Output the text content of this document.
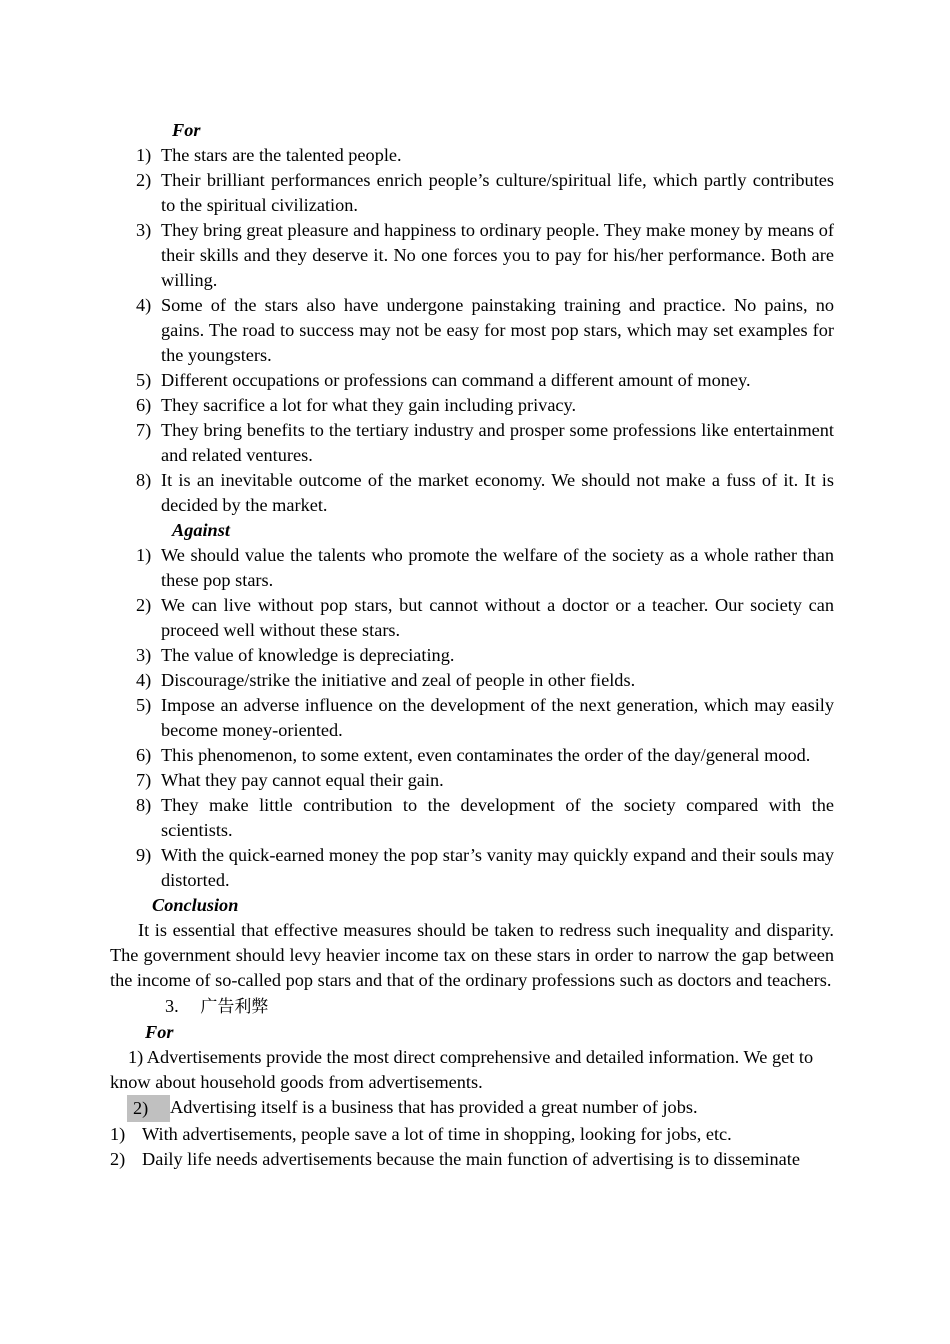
For
1) The stars are the talented people.
2) Their brilliant performances enrich people’s culture/spiritual life, which partly contributes to the spiritual civilization.
3) They bring great pleasure and happiness to ordinary people. They make money by means of their skills and they deserve it. No one forces you to pay for his/her performance. Both are willing.
4) Some of the stars also have undergone painstaking training and practice. No pains, no gains. The road to success may not be easy for most pop stars, which may set examples for the youngsters.
5) Different occupations or professions can command a different amount of money.
6) They sacrifice a lot for what they gain including privacy.
7) They bring benefits to the tertiary industry and prosper some professions like entertainment and related ventures.
8) It is an inevitable outcome of the market economy. We should not make a fuss of it. It is decided by the market.
Against
1) We should value the talents who promote the welfare of the society as a whole rather than these pop stars.
2) We can live without pop stars, but cannot without a doctor or a teacher. Our society can proceed well without these stars.
3) The value of knowledge is depreciating.
4) Discourage/strike the initiative and zeal of people in other fields.
5) Impose an adverse influence on the development of the next generation, which may easily become money-oriented.
6) This phenomenon, to some extent, even contaminates the order of the day/general mood.
7) What they pay cannot equal their gain.
8) They make little contribution to the development of the society compared with the scientists.
9) With the quick-earned money the pop star’s vanity may quickly expand and their souls may distorted.
Conclusion
It is essential that effective measures should be taken to redress such inequality and disparity. The government should levy heavier income tax on these stars in order to narrow the gap between the income of so-called pop stars and that of the ordinary professions such as doctors and teachers.
3. 广告利弊
For
1) Advertisements provide the most direct comprehensive and detailed information. We get to know about household goods from advertisements.
2)	Advertising itself is a business that has provided a great number of jobs.
1) With advertisements, people save a lot of time in shopping, looking for jobs, etc.
2) Daily life needs advertisements because the main function of advertising is to disseminate
